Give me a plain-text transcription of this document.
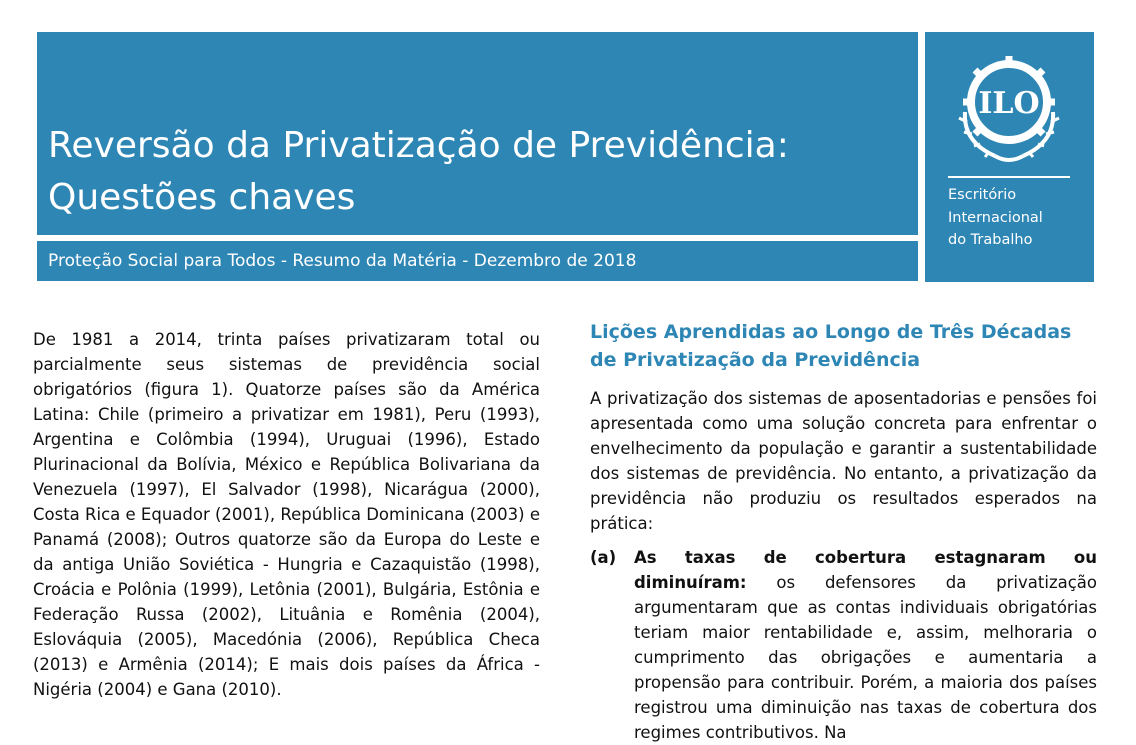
Reversão da Privatização de Previdência:
Questões chaves
Proteção Social para Todos - Resumo da Matéria - Dezembro de 2018
ILO
Escritório
Internacional
do Trabalho

De 1981 a 2014, trinta países privatizaram total ou parcialmente seus sistemas de previdência social obrigatórios (figura 1). Quatorze países são da América Latina: Chile (primeiro a privatizar em 1981), Peru (1993), Argentina e Colômbia (1994), Uruguai (1996), Estado Plurinacional da Bolívia, México e República Bolivariana da Venezuela (1997), El Salvador (1998), Nicarágua (2000), Costa Rica e Equador (2001), República Dominicana (2003) e Panamá (2008); Outros quatorze são da Europa do Leste e da antiga União Soviética - Hungria e Cazaquistão (1998), Croácia e Polônia (1999), Letônia (2001), Bulgária, Estônia e Federação Russa (2002), Lituânia e Romênia (2004), Eslováquia (2005), Macedónia (2006), República Checa (2013) e Armênia (2014); E mais dois países da África - Nigéria (2004) e Gana (2010).

Lições Aprendidas ao Longo de Três Décadas de Privatização da Previdência

A privatização dos sistemas de aposentadorias e pensões foi apresentada como uma solução concreta para enfrentar o envelhecimento da população e garantir a sustentabilidade dos sistemas de previdência. No entanto, a privatização da previdência não produziu os resultados esperados na prática:

(a) As taxas de cobertura estagnaram ou diminuíram: os defensores da privatização argumentaram que as contas individuais obrigatórias teriam maior rentabilidade e, assim, melhoraria o cumprimento das obrigações e aumentaria a propensão para contribuir. Porém, a maioria dos países registrou uma diminuição nas taxas de cobertura dos regimes contributivos. Na
